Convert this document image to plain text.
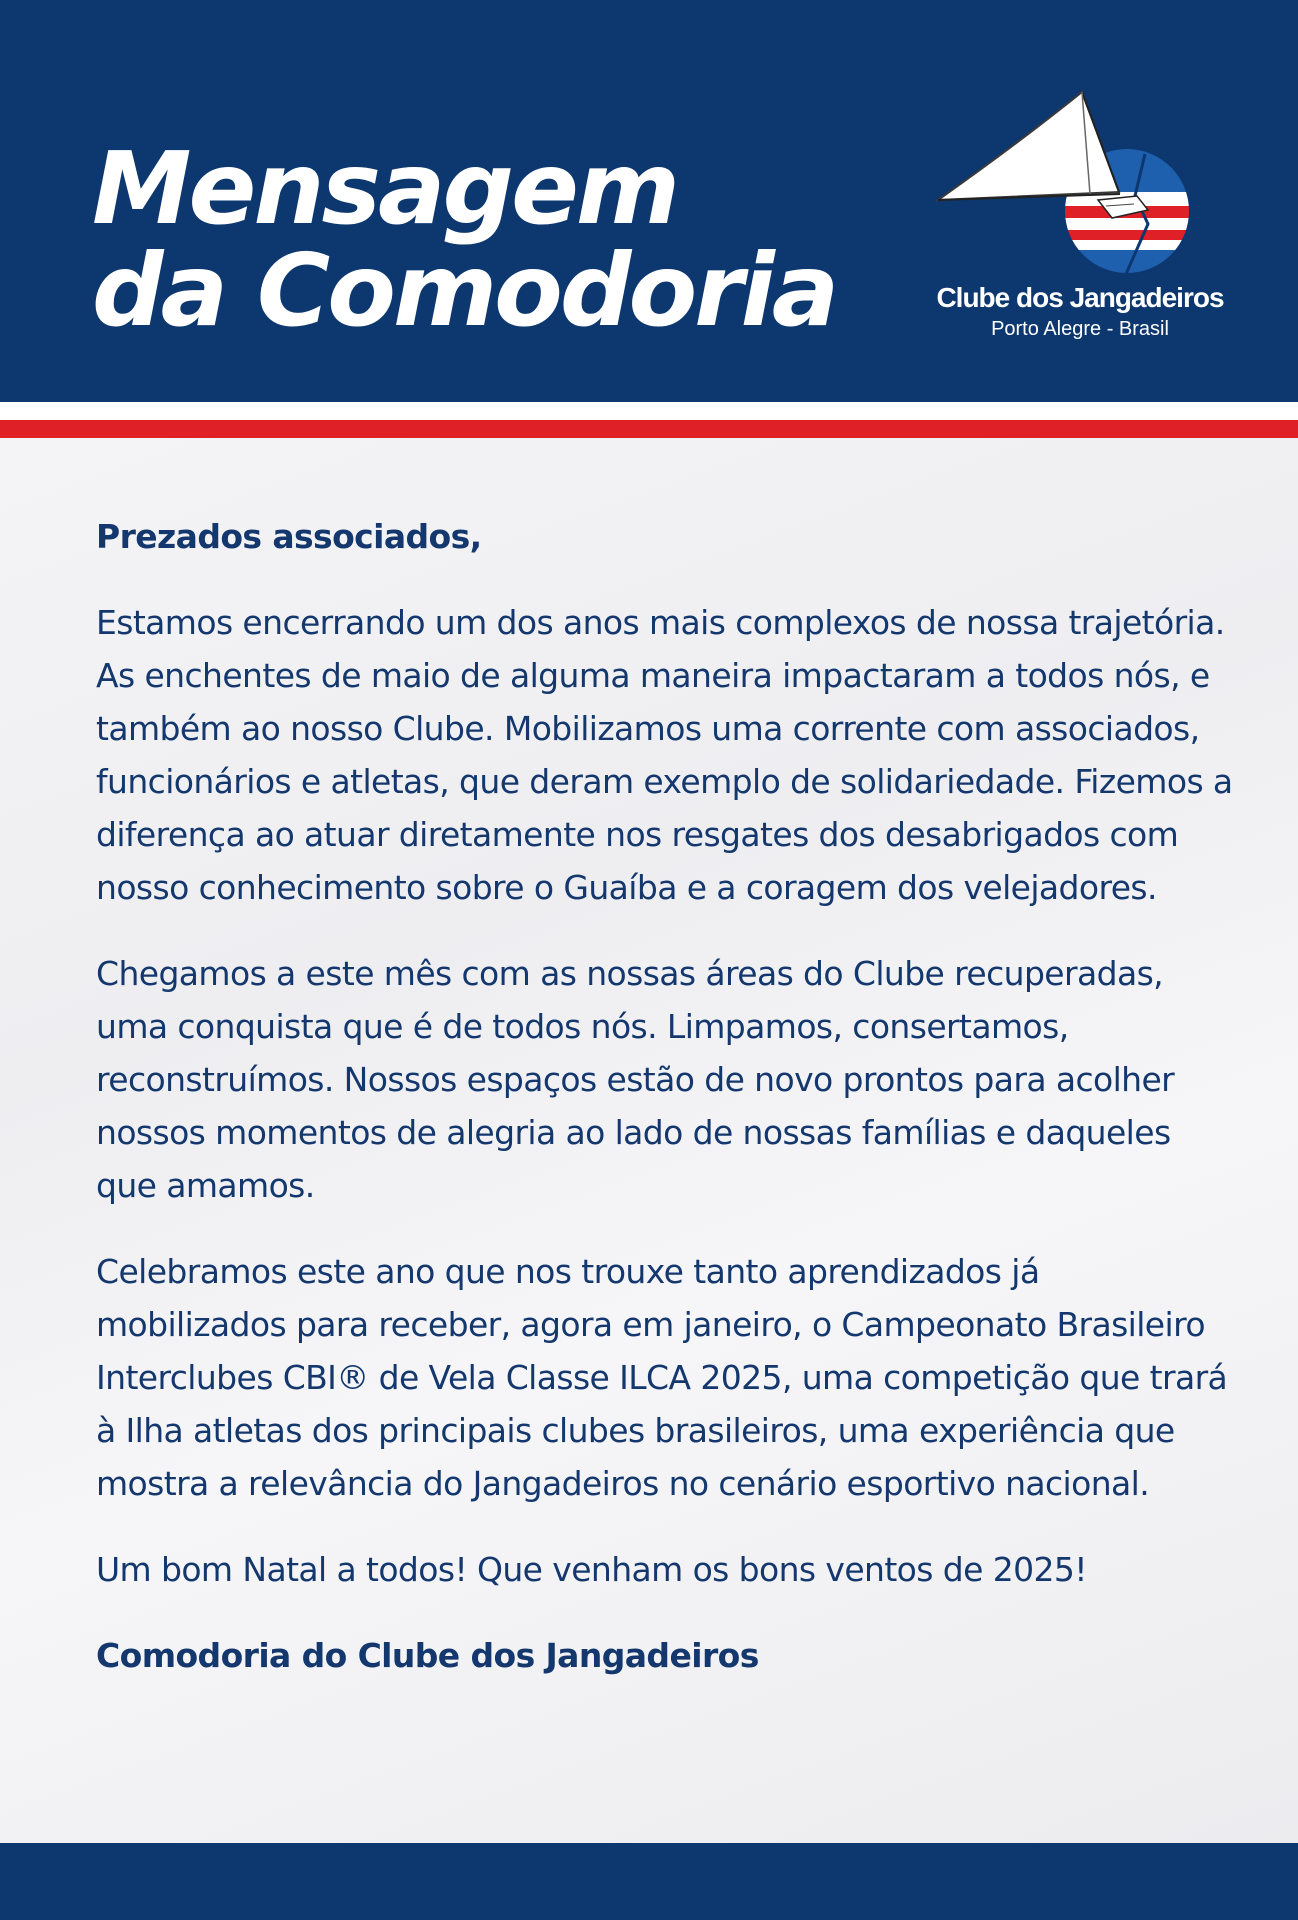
Mensagem
da Comodoria	Clube dos Jangadeiros
Porto Alegre - Brasil

Prezados associados,

Estamos encerrando um dos anos mais complexos de nossa trajetória. As enchentes de maio de alguma maneira impactaram a todos nós, e também ao nosso Clube. Mobilizamos uma corrente com associados, funcionários e atletas, que deram exemplo de solidariedade. Fizemos a diferença ao atuar diretamente nos resgates dos desabrigados com nosso conhecimento sobre o Guaíba e a coragem dos velejadores.

Chegamos a este mês com as nossas áreas do Clube recuperadas, uma conquista que é de todos nós. Limpamos, consertamos, reconstruímos. Nossos espaços estão de novo prontos para acolher nossos momentos de alegria ao lado de nossas famílias e daqueles que amamos.

Celebramos este ano que nos trouxe tanto aprendizados já mobilizados para receber, agora em janeiro, o Campeonato Brasileiro Interclubes CBI® de Vela Classe ILCA 2025, uma competição que trará à Ilha atletas dos principais clubes brasileiros, uma experiência que mostra a relevância do Jangadeiros no cenário esportivo nacional.

Um bom Natal a todos! Que venham os bons ventos de 2025!

Comodoria do Clube dos Jangadeiros
